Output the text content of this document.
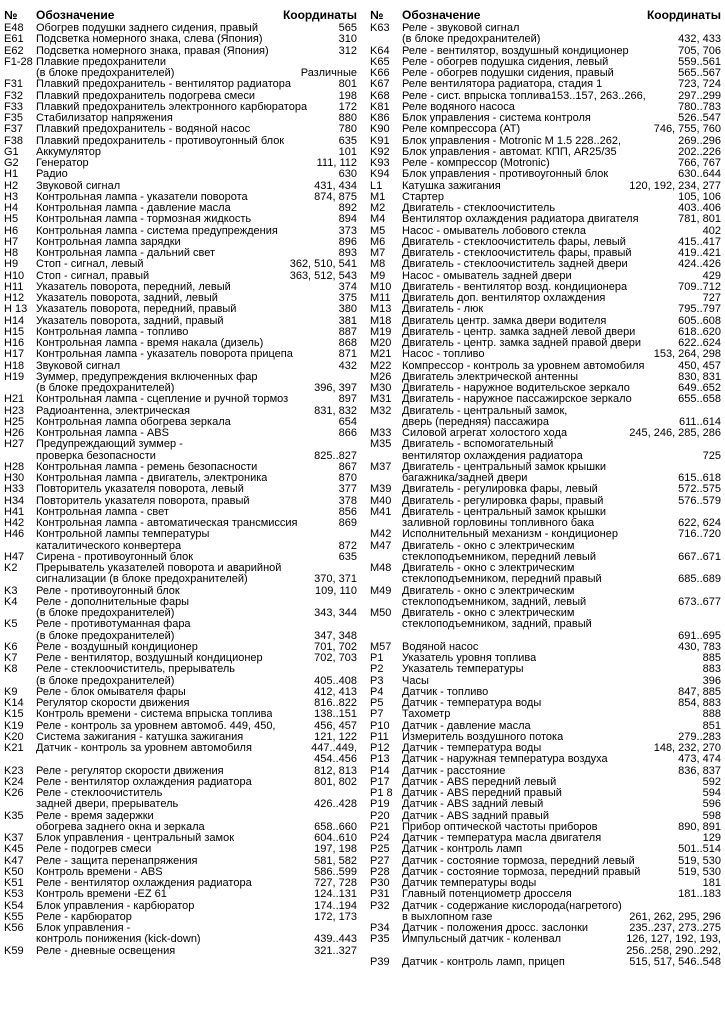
№	Обозначение	Координаты
E48	Обогрев подушки заднего сидения, правый	565
E61	Подсветка номерного знака, слева (Япония)	310
E62	Подсветка номерного знака, правая (Япония)	312
F1-28 Плавкие предохранители
(в блоке предохранителей)	Различные
F31	Плавкий предохранитель - вентилятор радиатора	801
F32	Плавкий предохранитель подогрева смеси	198
F33	Плавкий предохранитель электронного карбюратора	172
F35	Стабилизатор напряжения	880
F37	Плавкий предохранитель - водяной насос	780
F38	Плавкий предохранитель - противоугонный блок	635
G1	Аккумулятор	101
G2	Генератор	111, 112
H1	Радио	630
H2	Звуковой сигнал	431, 434
H3	Контрольная лампа - указатели поворота	874, 875
H4	Контрольная лампа - давление масла	892
H5	Контрольная лампа - тормозная жидкость	894
H6	Контрольная лампа - система предупреждения	373
H7	Контрольная лампа зарядки	896
H8	Контрольная лампа - дальний свет	893
H9	Стоп - сигнал, левый	362, 510, 541
H10	Стоп - сигнал, правый	363, 512, 543
H11	Указатель поворота, передний, левый	374
H12	Указатель поворота, задний, левый	375
H 13 Указатель поворота, передний, правый	380
H14	Указатель поворота, задний, правый	381
H15	Контрольная лампа - топливо	887
H16	Контрольная лампа - время накала (дизель)	868
H17	Контрольная лампа - указатель поворота прицепа	871
H18	Звуковой сигнал	432
H19	Зуммер, предупреждения включенных фар
(в блоке предохранителей)	396, 397
H21	Контрольная лампа - сцепление и ручной тормоз	897
H23	Радиоантенна, электрическая	831, 832
H25	Контрольная лампа обогрева зеркала	654
H26	Контрольная лампа - ABS	866
H27	Предупреждающий зуммер -
проверка безопасности	825..827
H28	Контрольная лампа - ремень безопасности	867
H30	Контрольная лампа - двигатель, электроника	870
H33	Повторитель указателя поворота, левый	377
H34	Повторитель указателя поворота, правый	378
H41	Контрольная лампа - свет	856
H42	Контрольная лампа - автоматическая трансмиссия	869
H46	Контрольной лампы температуры
каталитического конвертера	872
H47	Сирена - противоугонный блок	635
K2	Прерыватель указателей поворота и аварийной
сигнализации (в блоке предохранителей)	370, 371
K3	Реле - противоугонный блок	109, 110
K4	Реле - дополнительные фары
(в блоке предохранителей)	343, 344
K5	Реле - противотуманная фара
(в блоке предохранителей)	347, 348
K6	Реле - воздушный кондиционер	701, 702
K7	Реле - вентилятор, воздушный кондиционер	702, 703
K8	Реле - стеклоочиститель, прерыватель
(в блоке предохранителей)	405..408
K9	Реле - блок омывателя фары	412, 413
K14	Регулятор скорости движения	816..822
K15	Контроль времени - система впрыска топлива	138..151
K19	Реле - контроль за уровнем автомоб. 449, 450,	456, 457
K20	Система зажигания - катушка зажигания	121, 122
K21	Датчик - контроль за уровнем автомобиля	447..449,
454..456
K23	Реле - регулятор скорости движения	812, 813
K24	Реле - вентилятор охлаждения радиатора	801, 802
K26	Реле - стеклоочиститель
задней двери, прерыватель	426..428
K35	Реле - время задержки
обогрева заднего окна и зеркала	658..660
K37	Блок управления - центральный замок	604..610
K45	Реле - подогрев смеси	197, 198
K47	Реле - защита перенапряжения	581, 582
K50	Контроль времени - ABS	586..599
K51	Реле - вентилятор охлаждения радиатора	727, 728
K53	Контроль времени -EZ 61	124..131
K54	Блок управления - карбюратор	174..194
K55	Реле - карбюратор	172, 173
K56	Блок управления -
контроль понижения (kick-down)	439..443
K59	Реле - дневные освещения	321..327
№	Обозначение	Координаты
K63	Реле - звуковой сигнал
(в блоке предохранителей)	432, 433
K64	Реле - вентилятор, воздушный кондиционер	705, 706
K65	Реле - обогрев подушка сидения, левый	559..561
K66	Реле - обогрев подушки сидения, правый	565..567
K67	Реле вентилятора радиатора, стадия 1	723, 724
K68	Реле - сист. впрыска топлива153..157, 263..266,	297..299
K81	Реле водяного насоса	780..783
K86	Блок управления - система контроля	526..547
K90	Реле компрессора (AT)	746, 755, 760
K91	Блок управления - Motronic M 1.5 228..262,	269..296
K92	Блок управления - автомат. КПП, AR25/35	202..226
K93	Реле - компрессор (Motronic)	766, 767
K94	Блок управления - противоугонный блок	630..644
L1	Катушка зажигания	120, 192, 234, 277
M1	Стартер	105, 106
M2	Двигатель - стеклоочиститель	403..406
M4	Вентилятор охлаждения радиатора двигателя	781, 801
M5	Насос - омыватель лобового стекла	402
M6	Двигатель - стеклоочиститель фары, левый	415..417
M7	Двигатель - стеклоочиститель фары, правый	419..421
M8	Двигатель - стеклоочиститель задней двери	424..426
M9	Насос - омыватель задней двери	429
M10 Двигатель - вентилятор возд. кондиционера	709..712
M11	Двигатель доп. вентилятор охлаждения	727
M13 Двигатель - люк	795..797
M18 Двигатель центр. замка двери водителя	605..608
M19 Двигатель - центр. замка задней левой двери	618..620
M20 Двигатель - центр. замка задней правой двери	622..624
M21 Насос - топливо	153, 264, 298
M22 Компрессор - контроль за уровнем автомобиля	450, 457
M26 Двигатель электрической антенны	830, 831
M30 Двигатель - наружное водительское зеркало	649..652
M31 Двигатель - наружное пассажирское зеркало	655..658
M32 Двигатель - центральный замок,
дверь (передняя) пассажира	611..614
M33 Силовой агрегат холостого хода	245, 246, 285, 286
M35 Двигатель - вспомогательный
вентилятор охлаждения радиатора	725
M37 Двигатель - центральный замок крышки
багажника/задней двери	615..618
M39 Двигатель - регулировка фары, левый	572..575
M40 Двигатель - регулировка фары, правый	576..579
M41 Двигатель - центральный замок крышки
заливной горловины топливного бака	622, 624
M42 Исполнительный механизм - кондиционер	716..720
M47 Двигатель - окно с электрическим
стеклоподъемником, передний левый	667..671
M48 Двигатель - окно с электрическим
стеклоподъемником, передний правый	685..689
M49 Двигатель - окно с электрическим
стеклоподъемником, задний, левый	673..677
M50 Двигатель - окно с электрическим
стеклоподъемником, задний, правый
691..695
M57 Водяной насос	430, 783
P1	Указатель уровня топлива	885
P2	Указатель температуры	883
P3	Часы	396
P4	Датчик - топливо	847, 885
P5	Датчик - температура воды	854, 883
P7	Тахометр	888
P10	Датчик - давление масла	851
P11	Измеритель воздушного потока	279..283
P12	Датчик - температура воды	148, 232, 270
P13	Датчик - наружная температура воздуха	473, 474
P14	Датчик - расстояние	836, 837
P17	Датчик - ABS передний левый	592
P1 8 Датчик - ABS передний правый	594
P19	Датчик - ABS задний левый	596
P20	Датчик - ABS задний правый	598
P21	Прибор оптической частоты приборов	890, 891
P24	Датчик - температура масла двигателя	129
P25	Датчик - контроль ламп	501..514
P27	Датчик - состояние тормоза, передний левый	519, 530
P28	Датчик - состояние тормоза, передний правый	519, 530
P30	Датчик температуры воды	181
P31	Главный потенциометр дросселя	181..183
P32	Датчик - содержание кислорода(нагретого)
в выхлопном газе	261, 262, 295, 296
P34	Датчик - положения дросс. заслонки	235..237, 273..275
P35	Импульсный датчик - коленвал	126, 127, 192, 193,
256..258, 290..292,
P39	Датчик - контроль ламп, прицеп	515, 517, 546..548
